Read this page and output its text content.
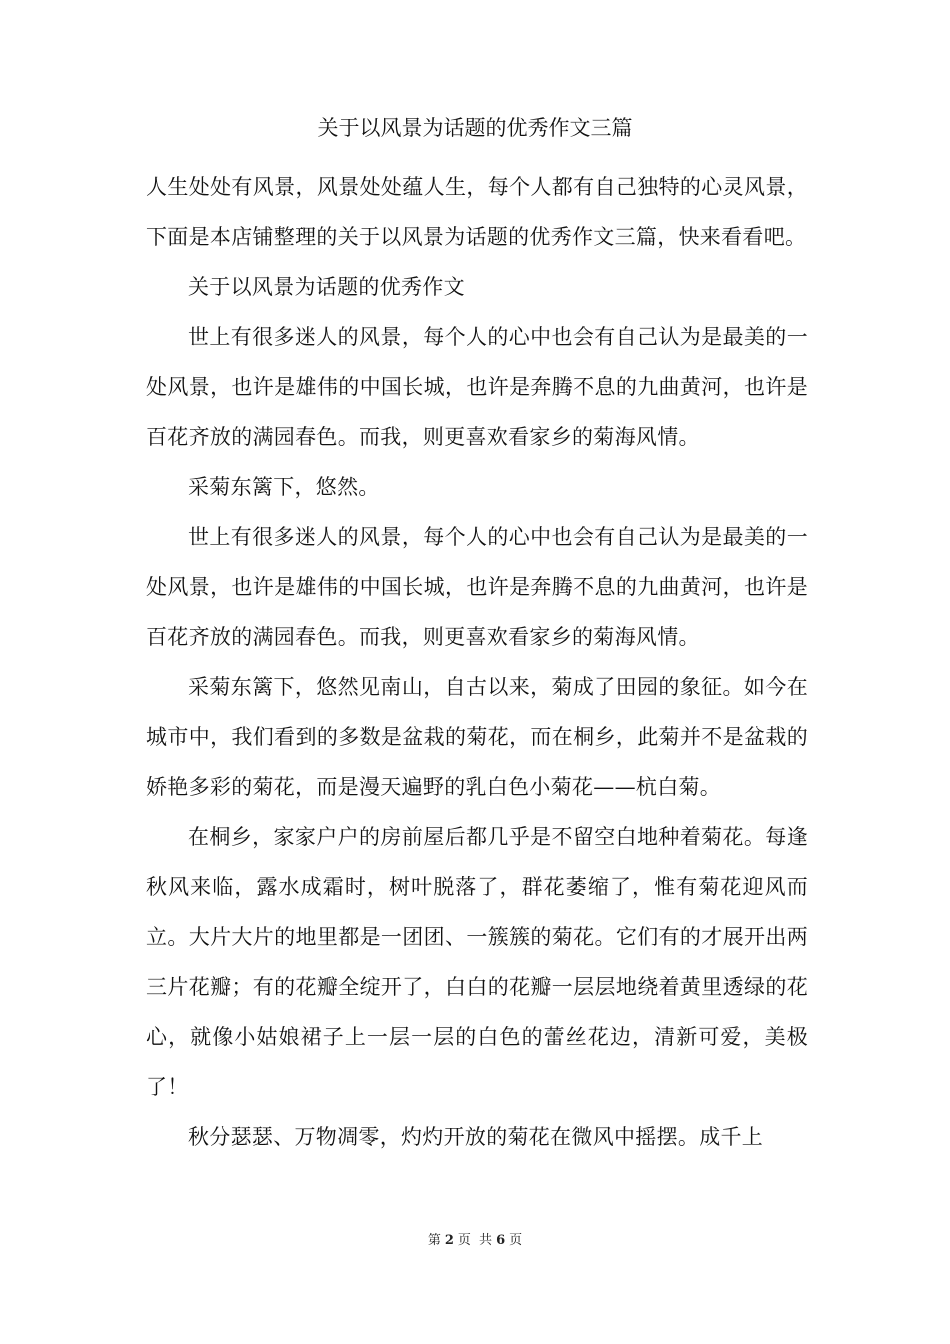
关于以风景为话题的优秀作文三篇

人生处处有风景，风景处处蕴人生，每个人都有自己独特的心灵风景，下面是本店铺整理的关于以风景为话题的优秀作文三篇，快来看看吧。

关于以风景为话题的优秀作文

世上有很多迷人的风景，每个人的心中也会有自己认为是最美的一处风景，也许是雄伟的中国长城，也许是奔腾不息的九曲黄河，也许是百花齐放的满园春色。而我，则更喜欢看家乡的菊海风情。

采菊东篱下，悠然。

世上有很多迷人的风景，每个人的心中也会有自己认为是最美的一处风景，也许是雄伟的中国长城，也许是奔腾不息的九曲黄河，也许是百花齐放的满园春色。而我，则更喜欢看家乡的菊海风情。

采菊东篱下，悠然见南山，自古以来，菊成了田园的象征。如今在城市中，我们看到的多数是盆栽的菊花，而在桐乡，此菊并不是盆栽的娇艳多彩的菊花，而是漫天遍野的乳白色小菊花——杭白菊。

在桐乡，家家户户的房前屋后都几乎是不留空白地种着菊花。每逢秋风来临，露水成霜时，树叶脱落了，群花萎缩了，惟有菊花迎风而立。大片大片的地里都是一团团、一簇簇的菊花。它们有的才展开出两三片花瓣；有的花瓣全绽开了，白白的花瓣一层层地绕着黄里透绿的花心，就像小姑娘裙子上一层一层的白色的蕾丝花边，清新可爱，美极了！

秋分瑟瑟、万物凋零，灼灼开放的菊花在微风中摇摆。成千上

第 2 页 共 6 页
